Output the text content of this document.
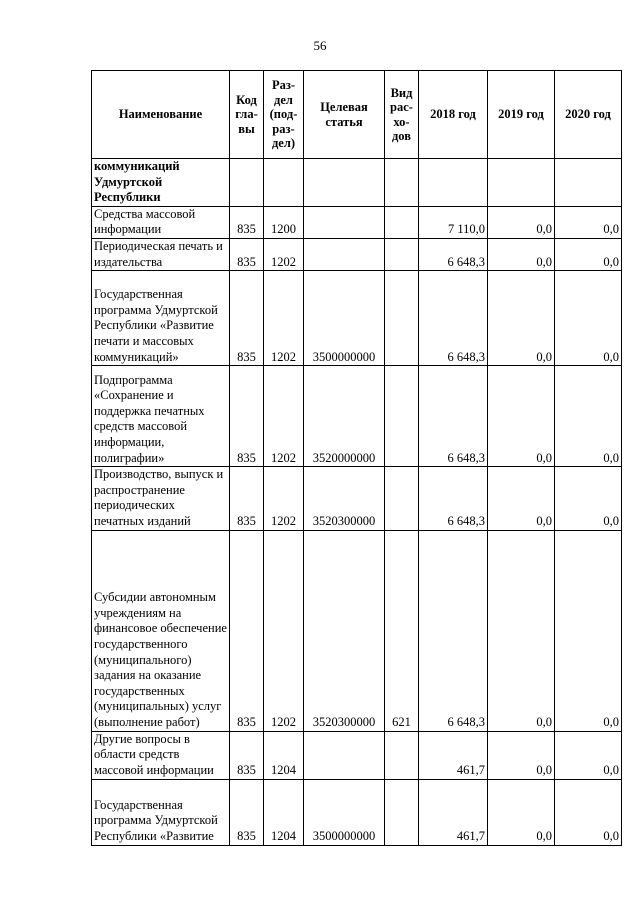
56
Наименование	Код гла-вы	Раз-дел (под-раз-дел)	Целевая статья	Вид рас-хо-дов	2018 год	2019 год	2020 год
коммуникаций Удмуртской Республики							
Средства массовой информации	835	1200			7 110,0	0,0	0,0
Периодическая печать и издательства	835	1202			6 648,3	0,0	0,0
Государственная программа Удмуртской Республики «Развитие печати и массовых коммуникаций»	835	1202	3500000000		6 648,3	0,0	0,0
Подпрограмма «Сохранение и поддержка печатных средств массовой информации, полиграфии»	835	1202	3520000000		6 648,3	0,0	0,0
Производство, выпуск и распространение периодических печатных изданий	835	1202	3520300000		6 648,3	0,0	0,0
Субсидии автономным учреждениям на финансовое обеспечение государственного (муниципального) задания на оказание государственных (муниципальных) услуг (выполнение работ)	835	1202	3520300000	621	6 648,3	0,0	0,0
Другие вопросы в области средств массовой информации	835	1204			461,7	0,0	0,0
Государственная программа Удмуртской Республики «Развитие	835	1204	3500000000		461,7	0,0	0,0
